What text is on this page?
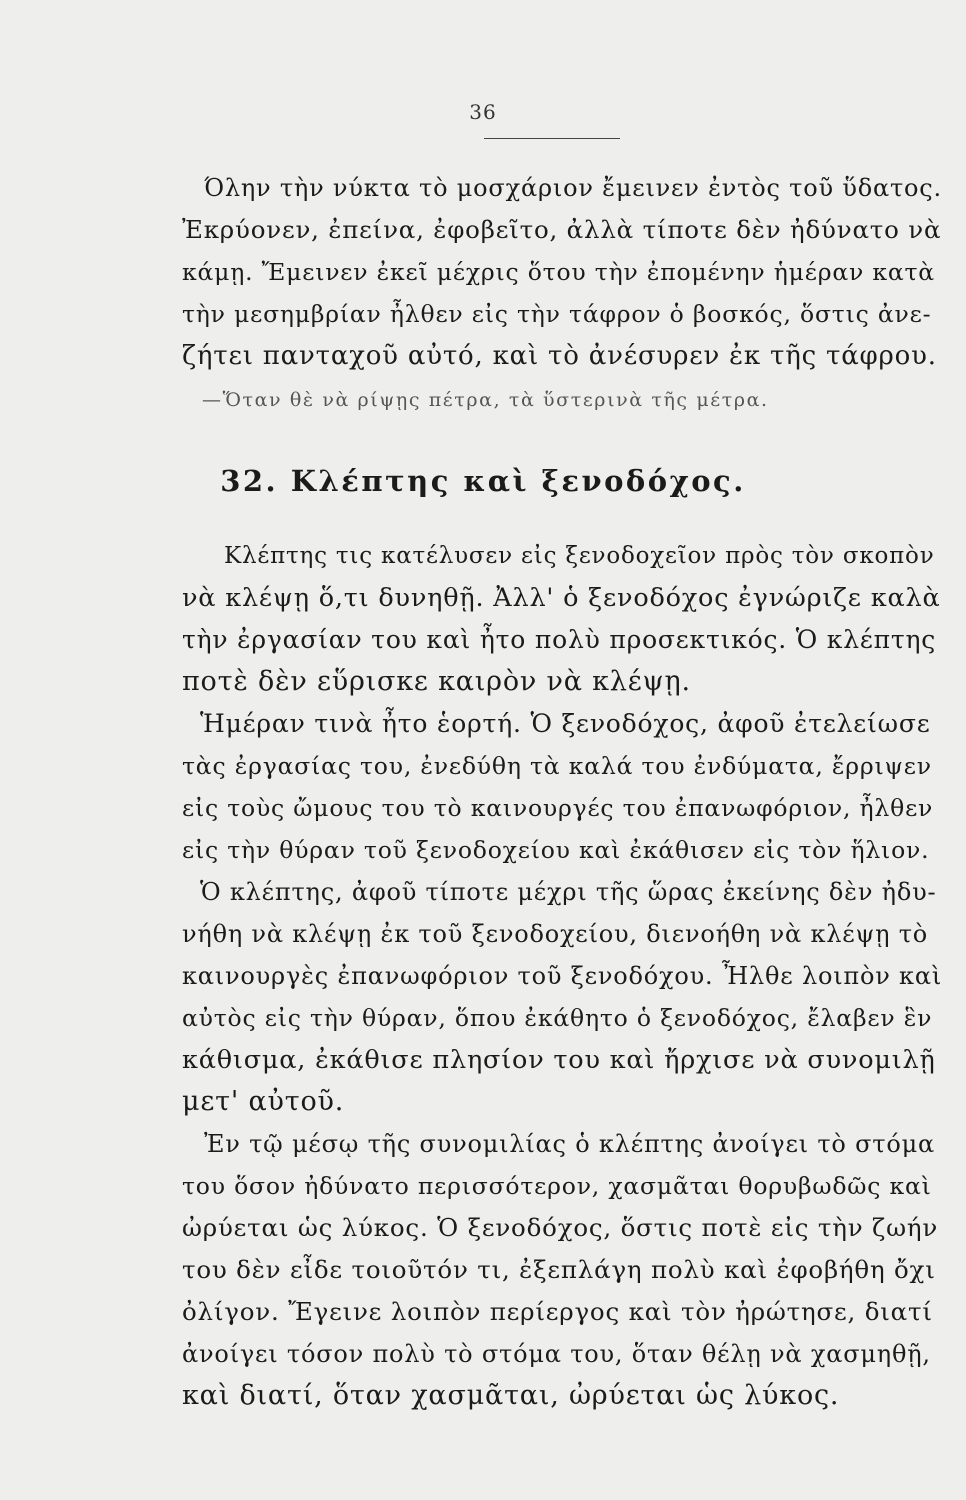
36
Όλην τὴν νύκτα τὸ μοσχάριον ἔμεινεν ἐντὸς τοῦ ὕδατος.
Ἐκρύονεν, ἐπείνα, ἐφοβεῖτο, ἀλλὰ τίποτε δὲν ἠδύνατο νὰ
κάμῃ. Ἔμεινεν ἐκεῖ μέχρις ὅτου τὴν ἐπομένην ἡμέραν κατὰ
τὴν μεσημβρίαν ἦλθεν εἰς τὴν τάφρον ὁ βοσκός, ὅστις ἀνε-
ζήτει πανταχοῦ αὐτό, καὶ τὸ ἀνέσυρεν ἐκ τῆς τάφρου.
—Ὅταν θὲ νὰ ρίψῃς πέτρα, τὰ ὕστερινὰ τῆς μέτρα.
32. Κλέπτης καὶ ξενοδόχος.
Κλέπτης τις κατέλυσεν εἰς ξενοδοχεῖον πρὸς τὸν σκοπὸν
νὰ κλέψῃ ὅ,τι δυνηθῇ. Ἀλλ' ὁ ξενοδόχος ἐγνώριζε καλὰ
τὴν ἐργασίαν του καὶ ἦτο πολὺ προσεκτικός. Ὁ κλέπτης
ποτὲ δὲν εὕρισκε καιρὸν νὰ κλέψῃ.
Ἡμέραν τινὰ ἦτο ἑορτή. Ὁ ξενοδόχος, ἀφοῦ ἐτελείωσε
τὰς ἐργασίας του, ἐνεδύθη τὰ καλά του ἐνδύματα, ἔρριψεν
εἰς τοὺς ὤμους του τὸ καινουργές του ἐπανωφόριον, ἦλθεν
εἰς τὴν θύραν τοῦ ξενοδοχείου καὶ ἐκάθισεν εἰς τὸν ἥλιον.
Ὁ κλέπτης, ἀφοῦ τίποτε μέχρι τῆς ὥρας ἐκείνης δὲν ἠδυ-
νήθη νὰ κλέψῃ ἐκ τοῦ ξενοδοχείου, διενοήθη νὰ κλέψῃ τὸ
καινουργὲς ἐπανωφόριον τοῦ ξενοδόχου. Ἦλθε λοιπὸν καὶ
αὐτὸς εἰς τὴν θύραν, ὅπου ἐκάθητο ὁ ξενοδόχος, ἔλαβεν ἓν
κάθισμα, ἐκάθισε πλησίον του καὶ ἤρχισε νὰ συνομιλῇ
μετ' αὐτοῦ.
Ἐν τῷ μέσῳ τῆς συνομιλίας ὁ κλέπτης ἀνοίγει τὸ στόμα
του ὅσον ἠδύνατο περισσότερον, χασμᾶται θορυβωδῶς καὶ
ὠρύεται ὡς λύκος. Ὁ ξενοδόχος, ὅστις ποτὲ εἰς τὴν ζωήν
του δὲν εἶδε τοιοῦτόν τι, ἐξεπλάγη πολὺ καὶ ἐφοβήθη ὄχι
ὀλίγον. Ἔγεινε λοιπὸν περίεργος καὶ τὸν ἠρώτησε, διατί
ἀνοίγει τόσον πολὺ τὸ στόμα του, ὅταν θέλῃ νὰ χασμηθῇ,
καὶ διατί, ὅταν χασμᾶται, ὠρύεται ὡς λύκος.
